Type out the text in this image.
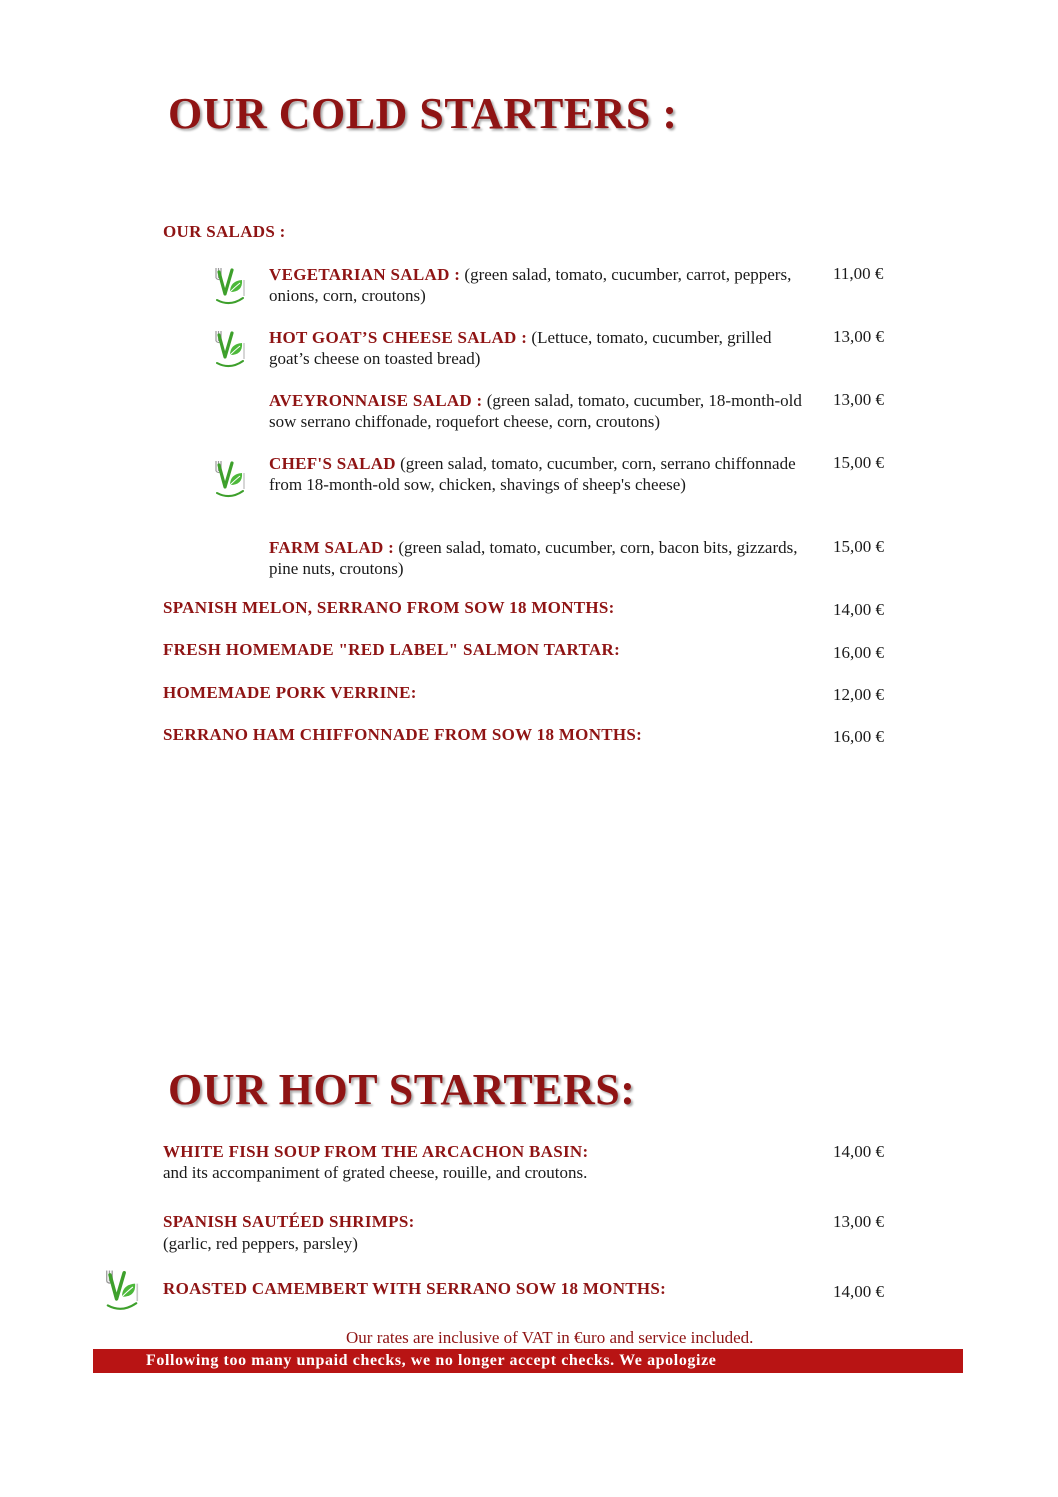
OUR COLD STARTERS :
OUR SALADS :
VEGETARIAN SALAD : (green salad, tomato, cucumber, carrot, peppers, onions, corn, croutons)
11,00 €
HOT GOAT’S CHEESE SALAD : (Lettuce, tomato, cucumber, grilled goat’s cheese on toasted bread)
13,00 €
AVEYRONNAISE SALAD : (green salad, tomato, cucumber, 18-month-old sow serrano chiffonade, roquefort cheese, corn, croutons)
13,00 €
CHEF'S SALAD (green salad, tomato, cucumber, corn, serrano chiffonnade from 18-month-old sow, chicken, shavings of sheep's cheese)
15,00 €
FARM SALAD : (green salad, tomato, cucumber, corn, bacon bits, gizzards, pine nuts, croutons)
15,00 €
SPANISH MELON, SERRANO FROM SOW 18 MONTHS:	14,00 €
FRESH HOMEMADE "RED LABEL" SALMON TARTAR:	16,00 €
HOMEMADE PORK VERRINE:	12,00 €
SERRANO HAM CHIFFONNADE FROM SOW 18 MONTHS:	16,00 €
OUR HOT STARTERS:
WHITE FISH SOUP FROM THE ARCACHON BASIN:
and its accompaniment of grated cheese, rouille, and croutons.
14,00 €
SPANISH SAUTÉED SHRIMPS:
(garlic, red peppers, parsley)
13,00 €
ROASTED CAMEMBERT WITH SERRANO SOW 18 MONTHS:	14,00 €
Our rates are inclusive of VAT in €uro and service included.
Following too many unpaid checks, we no longer accept checks. We apologize
